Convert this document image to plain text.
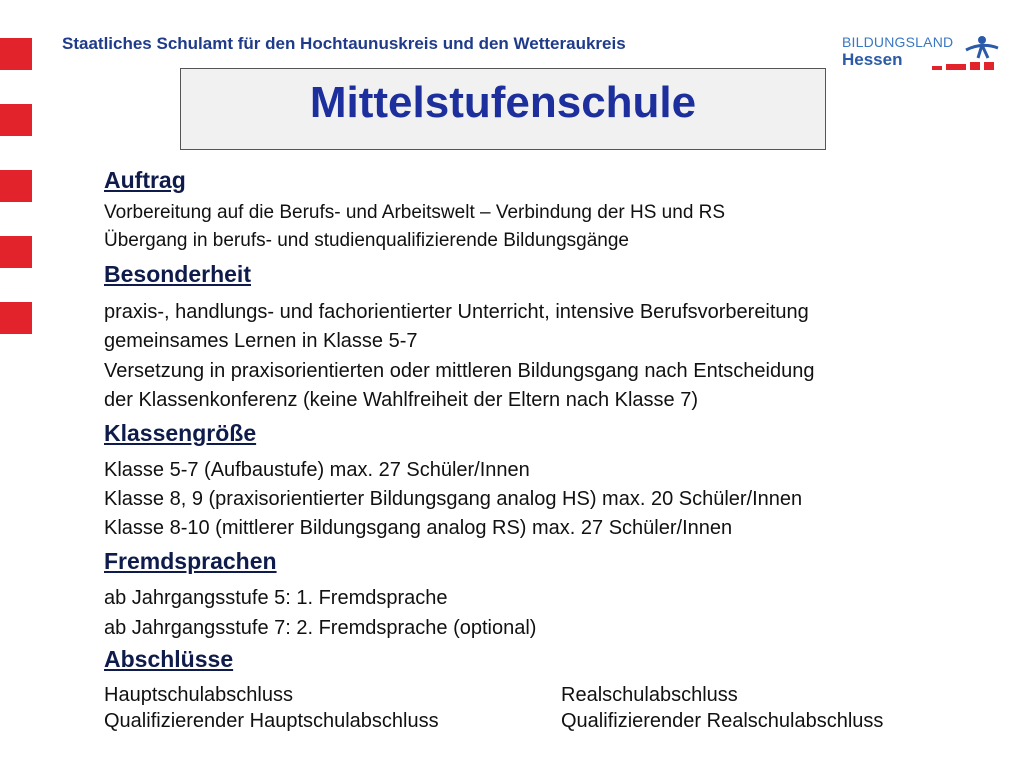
Staatliches Schulamt für den Hochtaunuskreis und den Wetteraukreis	BILDUNGSLAND
Hessen
Mittelstufenschule
Auftrag
Vorbereitung auf die Berufs- und Arbeitswelt – Verbindung der HS und RS
Übergang in berufs- und studienqualifizierende Bildungsgänge
Besonderheit
praxis-, handlungs- und fachorientierter Unterricht, intensive Berufsvorbereitung
gemeinsames Lernen in Klasse 5-7
Versetzung in praxisorientierten oder mittleren Bildungsgang nach Entscheidung
der Klassenkonferenz (keine Wahlfreiheit der Eltern nach Klasse 7)
Klassengröße
Klasse 5-7 (Aufbaustufe) max. 27 Schüler/Innen
Klasse 8, 9 (praxisorientierter Bildungsgang analog HS) max. 20 Schüler/Innen
Klasse 8-10 (mittlerer Bildungsgang analog RS) max. 27 Schüler/Innen
Fremdsprachen
ab Jahrgangsstufe 5: 1. Fremdsprache
ab Jahrgangsstufe 7: 2. Fremdsprache (optional)
Abschlüsse
Hauptschulabschluss
Qualifizierender Hauptschulabschluss
Realschulabschluss
Qualifizierender Realschulabschluss
